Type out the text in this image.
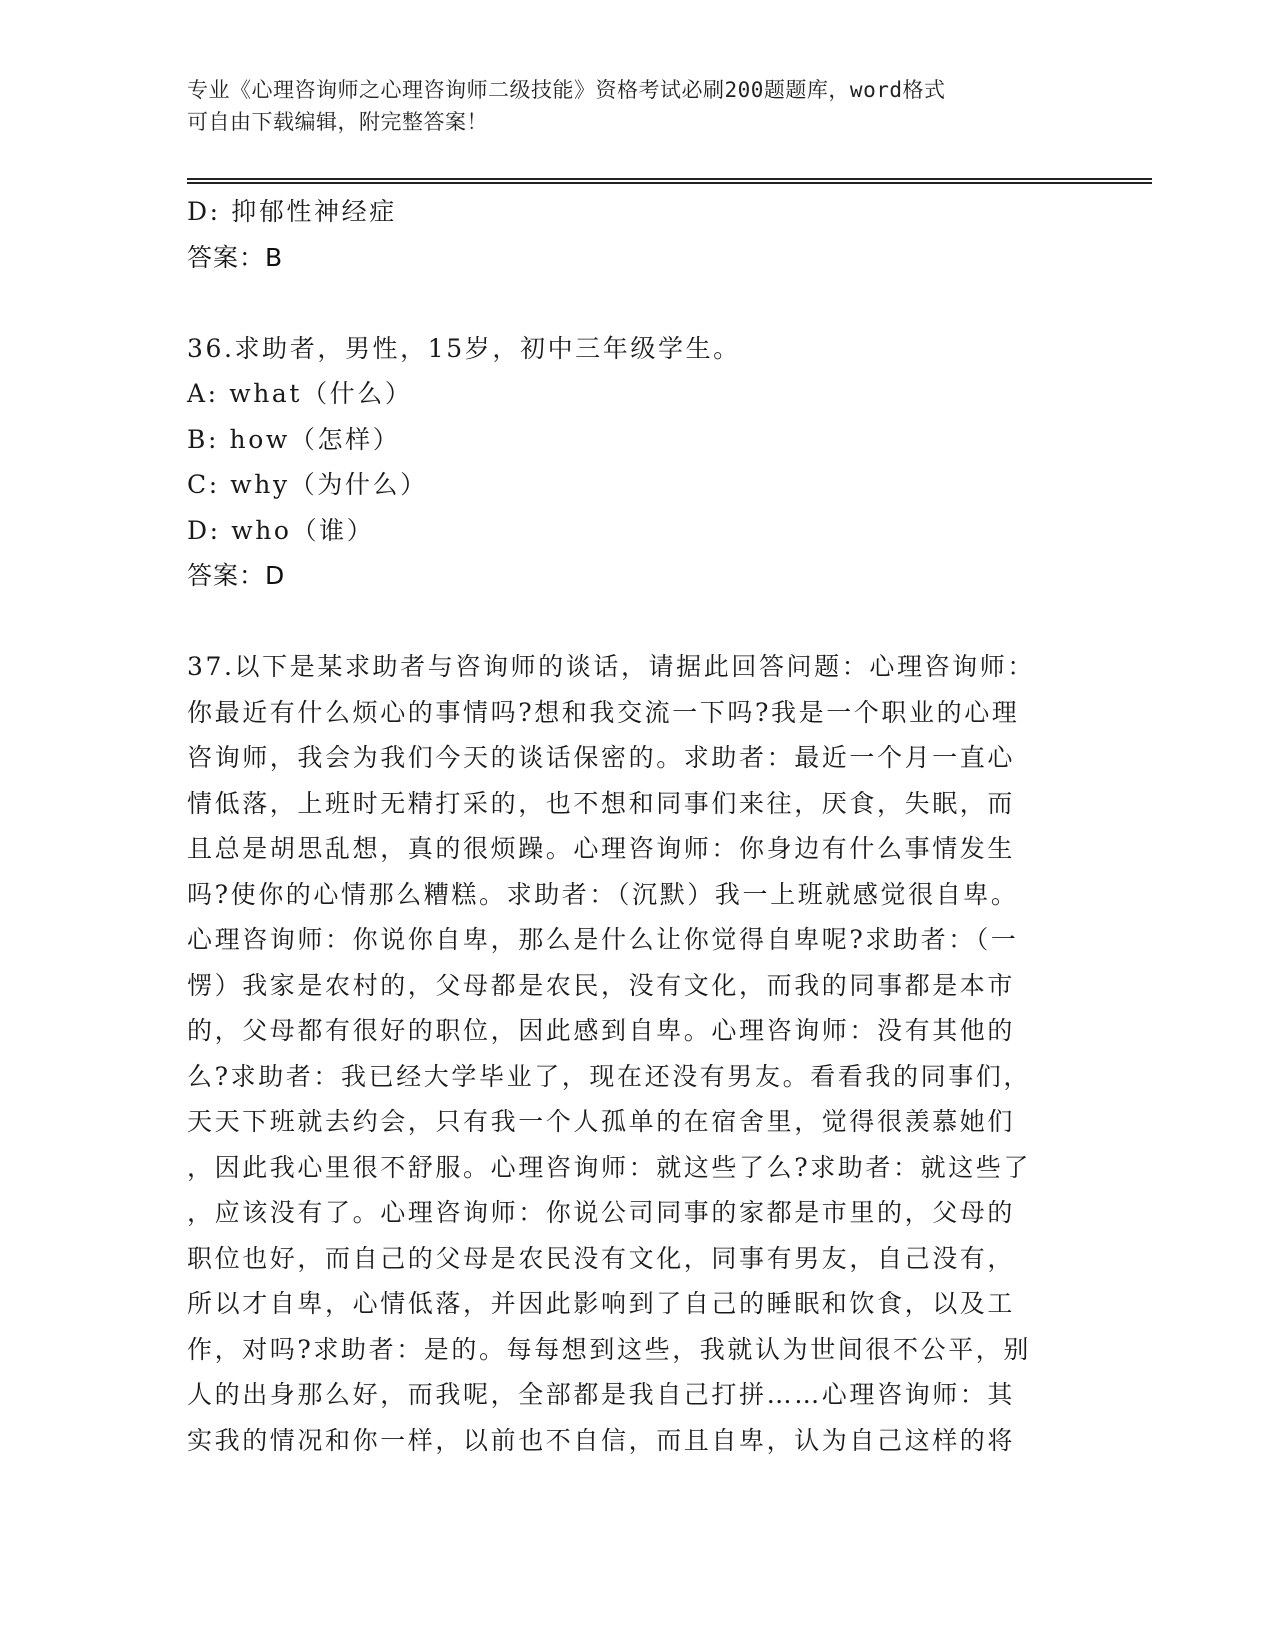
专业《心理咨询师之心理咨询师二级技能》资格考试必刷200题题库，word格式
可自由下载编辑，附完整答案！
D: 抑郁性神经症
答案：B
36.求助者，男性，15岁，初中三年级学生。
A: what（什么）
B: how（怎样）
C: why（为什么）
D: who（谁）
答案：D
37.以下是某求助者与咨询师的谈话，请据此回答问题：心理咨询师：
你最近有什么烦心的事情吗?想和我交流一下吗?我是一个职业的心理
咨询师，我会为我们今天的谈话保密的。求助者：最近一个月一直心
情低落，上班时无精打采的，也不想和同事们来往，厌食，失眠，而
且总是胡思乱想，真的很烦躁。心理咨询师：你身边有什么事情发生
吗?使你的心情那么糟糕。求助者：（沉默）我一上班就感觉很自卑。
心理咨询师：你说你自卑，那么是什么让你觉得自卑呢?求助者：（一
愣）我家是农村的，父母都是农民，没有文化，而我的同事都是本市
的，父母都有很好的职位，因此感到自卑。心理咨询师：没有其他的
么?求助者：我已经大学毕业了，现在还没有男友。看看我的同事们，
天天下班就去约会，只有我一个人孤单的在宿舍里，觉得很羡慕她们
，因此我心里很不舒服。心理咨询师：就这些了么?求助者：就这些了
，应该没有了。心理咨询师：你说公司同事的家都是市里的，父母的
职位也好，而自己的父母是农民没有文化，同事有男友，自己没有，
所以才自卑，心情低落，并因此影响到了自己的睡眠和饮食，以及工
作，对吗?求助者：是的。每每想到这些，我就认为世间很不公平，别
人的出身那么好，而我呢，全部都是我自己打拼……心理咨询师：其
实我的情况和你一样，以前也不自信，而且自卑，认为自己这样的将
